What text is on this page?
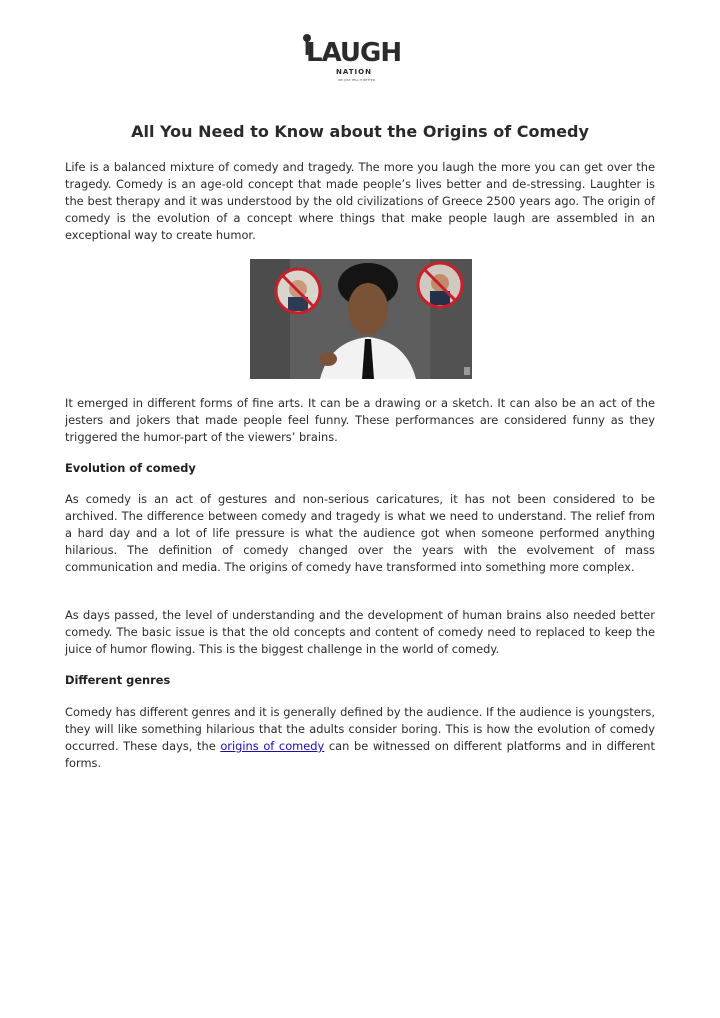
LAUGH
NATION
WE JUST TELL IT BETTER
All You Need to Know about the Origins of Comedy

Life is a balanced mixture of comedy and tragedy. The more you laugh the more you can get over the tragedy. Comedy is an age-old concept that made people’s lives better and de-stressing. Laughter is the best therapy and it was understood by the old civilizations of Greece 2500 years ago. The origin of comedy is the evolution of a concept where things that make people laugh are assembled in an exceptional way to create humor.

It emerged in different forms of fine arts. It can be a drawing or a sketch. It can also be an act of the jesters and jokers that made people feel funny. These performances are considered funny as they triggered the humor-part of the viewers’ brains.

Evolution of comedy

As comedy is an act of gestures and non-serious caricatures, it has not been considered to be archived. The difference between comedy and tragedy is what we need to understand. The relief from a hard day and a lot of life pressure is what the audience got when someone performed anything hilarious. The definition of comedy changed over the years with the evolvement of mass communication and media. The origins of comedy have transformed into something more complex.

As days passed, the level of understanding and the development of human brains also needed better comedy. The basic issue is that the old concepts and content of comedy need to replaced to keep the juice of humor flowing. This is the biggest challenge in the world of comedy.

Different genres

Comedy has different genres and it is generally defined by the audience. If the audience is youngsters, they will like something hilarious that the adults consider boring. This is how the evolution of comedy occurred. These days, the origins of comedy can be witnessed on different platforms and in different forms.
